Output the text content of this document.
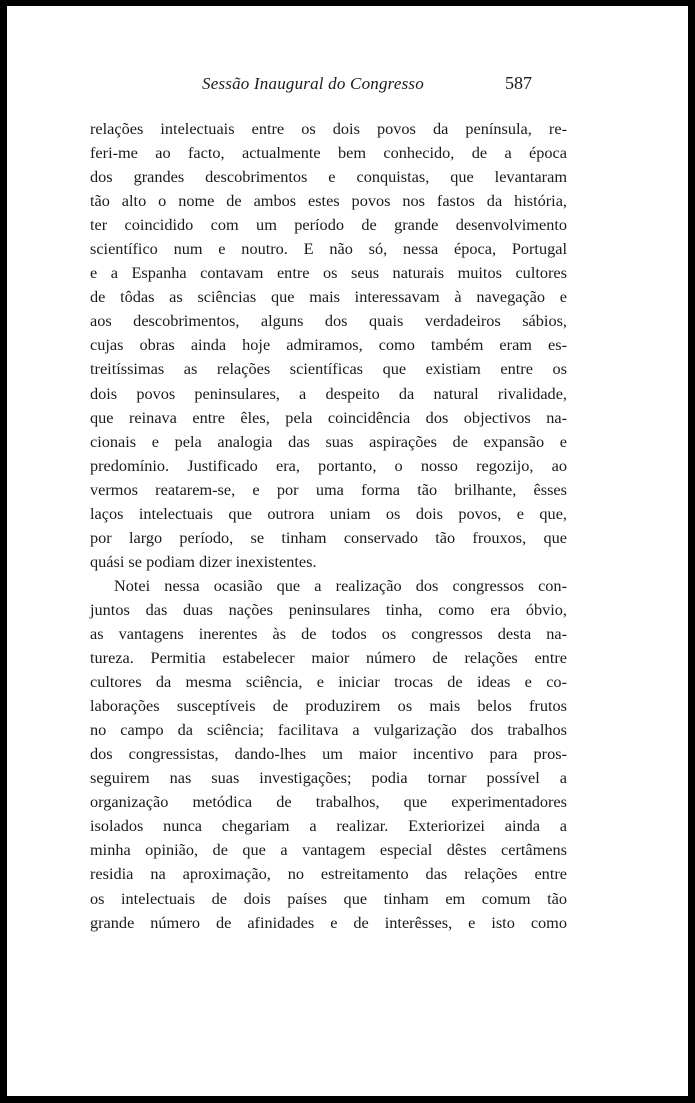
Sessão Inaugural do Congresso	587
relações intelectuais entre os dois povos da península, re-
feri-me ao facto, actualmente bem conhecido, de a época
dos grandes descobrimentos e conquistas, que levantaram
tão alto o nome de ambos estes povos nos fastos da história,
ter coincidido com um período de grande desenvolvimento
scientífico num e noutro. E não só, nessa época, Portugal
e a Espanha contavam entre os seus naturais muitos cultores
de tôdas as sciências que mais interessavam à navegação e
aos descobrimentos, alguns dos quais verdadeiros sábios,
cujas obras ainda hoje admiramos, como também eram es-
treitíssimas as relações scientíficas que existiam entre os
dois povos peninsulares, a despeito da natural rivalidade,
que reinava entre êles, pela coincidência dos objectivos na-
cionais e pela analogia das suas aspirações de expansão e
predomínio. Justificado era, portanto, o nosso regozijo, ao
vermos reatarem-se, e por uma forma tão brilhante, êsses
laços intelectuais que outrora uniam os dois povos, e que,
por largo período, se tinham conservado tão frouxos, que
quási se podiam dizer inexistentes.
Notei nessa ocasião que a realização dos congressos con-
juntos das duas nações peninsulares tinha, como era óbvio,
as vantagens inerentes às de todos os congressos desta na-
tureza. Permitia estabelecer maior número de relações entre
cultores da mesma sciência, e iniciar trocas de ideas e co-
laborações susceptíveis de produzirem os mais belos frutos
no campo da sciência; facilitava a vulgarização dos trabalhos
dos congressistas, dando-lhes um maior incentivo para pros-
seguirem nas suas investigações; podia tornar possível a
organização metódica de trabalhos, que experimentadores
isolados nunca chegariam a realizar. Exteriorizei ainda a
minha opinião, de que a vantagem especial dêstes certâmens
residia na aproximação, no estreitamento das relações entre
os intelectuais de dois países que tinham em comum tão
grande número de afinidades e de interêsses, e isto como
